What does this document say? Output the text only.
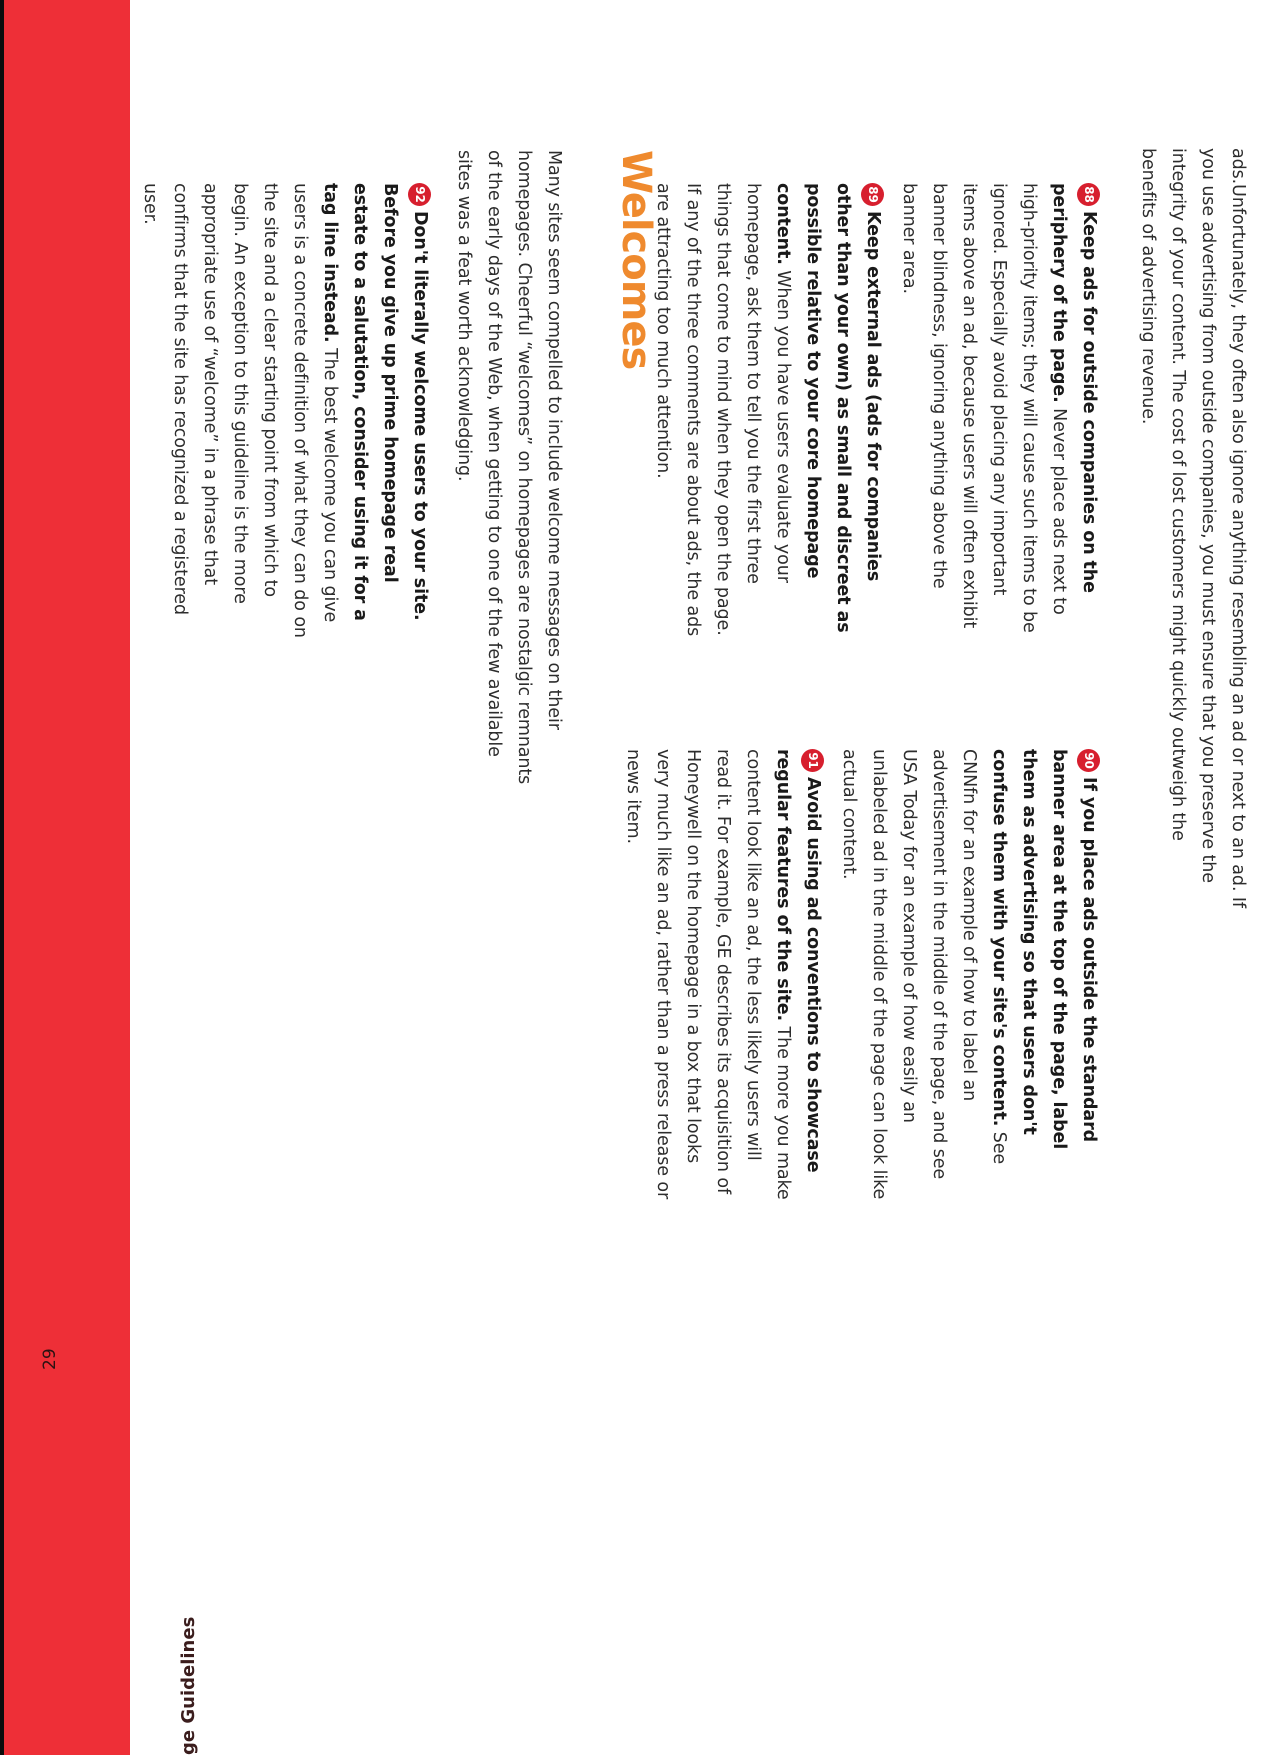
ads.Unfortunately, they often also ignore anything resembling an ad or next to an ad. If you use advertising from outside companies, you must ensure that you preserve the integrity of your content. The cost of lost customers might quickly outweigh the benefits of advertising revenue.

88Keep ads for outside companies on the periphery of the page. Never place ads next to high-priority items; they will cause such items to be ignored. Especially avoid placing any important items above an ad, because users will often exhibit banner blindness, ignoring anything above the banner area.

89Keep external ads (ads for companies other than your own) as small and discreet as possible relative to your core homepage content. When you have users evaluate your homepage, ask them to tell you the first three things that come to mind when they open the page. If any of the three comments are about ads, the ads are attracting too much attention.

90If you place ads outside the standard banner area at the top of the page, label them as advertising so that users don't confuse them with your site's content. See CNNfn for an example of how to label an advertisement in the middle of the page, and see USA Today for an example of how easily an unlabeled ad in the middle of the page can look like actual content.

91Avoid using ad conventions to showcase regular features of the site. The more you make content look like an ad, the less likely users will read it. For example, GE describes its acquisition of Honeywell on the homepage in a box that looks very much like an ad, rather than a press release or news item.

Welcomes

Many sites seem compelled to include welcome messages on their homepages. Cheerful “welcomes” on homepages are nostalgic remnants of the early days of the Web, when getting to one of the few available sites was a feat worth acknowledging.

92Don't literally welcome users to your site. Before you give up prime homepage real estate to a salutation, consider using it for a tag line instead. The best welcome you can give users is a concrete definition of what they can do on the site and a clear starting point from which to begin. An exception to this guideline is the more appropriate use of “welcome” in a phrase that confirms that the site has recognized a registered user.

ge Guidelines
29
